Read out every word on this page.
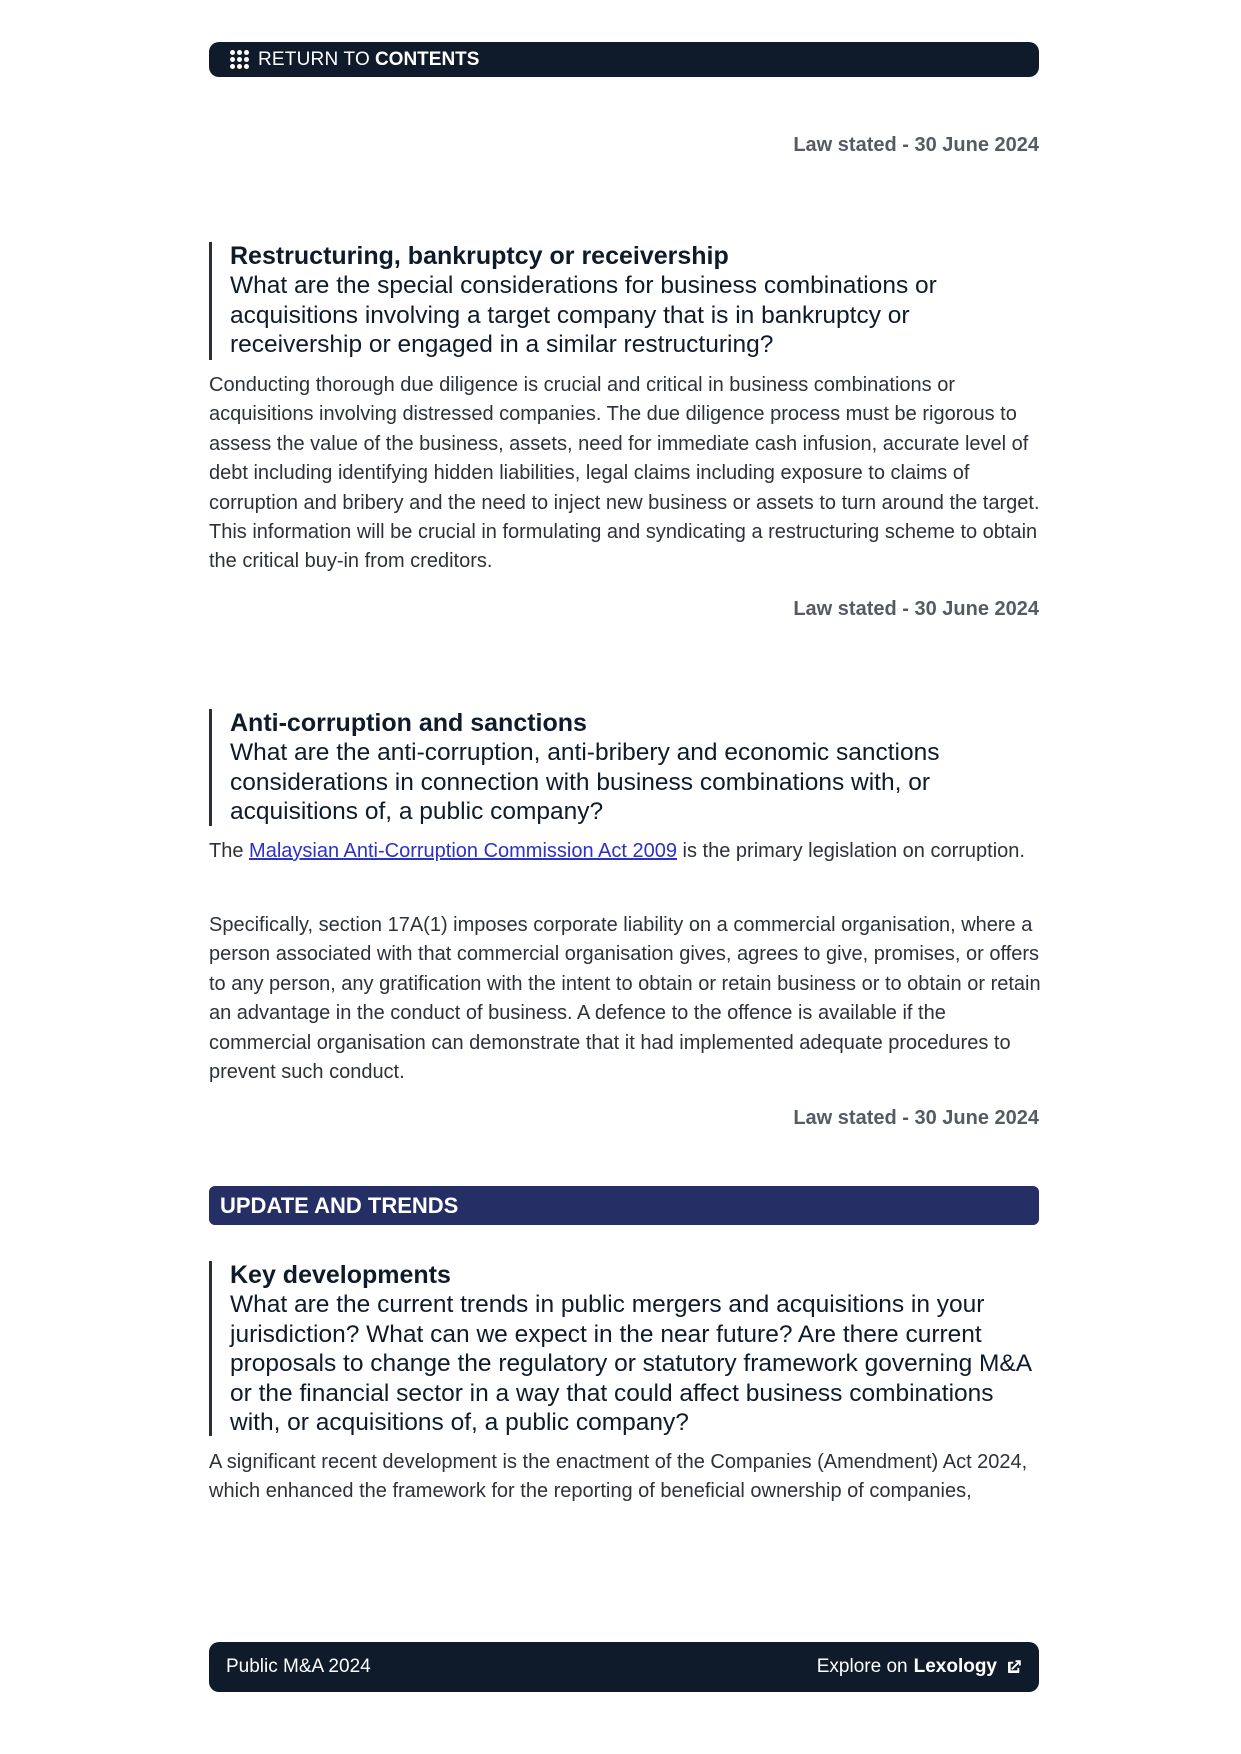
RETURN TO CONTENTS
Law stated - 30 June 2024
Restructuring, bankruptcy or receivership
What are the special considerations for business combinations or acquisitions involving a target company that is in bankruptcy or receivership or engaged in a similar restructuring?

Conducting thorough due diligence is crucial and critical in business combinations or acquisitions involving distressed companies. The due diligence process must be rigorous to assess the value of the business, assets, need for immediate cash infusion, accurate level of debt including identifying hidden liabilities, legal claims including exposure to claims of corruption and bribery and the need to inject new business or assets to turn around the target. This information will be crucial in formulating and syndicating a restructuring scheme to obtain the critical buy-in from creditors.

Law stated - 30 June 2024
Anti-corruption and sanctions
What are the anti-corruption, anti-bribery and economic sanctions considerations in connection with business combinations with, or acquisitions of, a public company?

The Malaysian Anti-Corruption Commission Act 2009 is the primary legislation on corruption.

Specifically, section 17A(1) imposes corporate liability on a commercial organisation, where a person associated with that commercial organisation gives, agrees to give, promises, or offers to any person, any gratification with the intent to obtain or retain business or to obtain or retain an advantage in the conduct of business. A defence to the offence is available if the commercial organisation can demonstrate that it had implemented adequate procedures to prevent such conduct.

Law stated - 30 June 2024
UPDATE AND TRENDS
Key developments
What are the current trends in public mergers and acquisitions in your jurisdiction? What can we expect in the near future? Are there current proposals to change the regulatory or statutory framework governing M&A or the financial sector in a way that could affect business combinations with, or acquisitions of, a public company?

A significant recent development is the enactment of the Companies (Amendment) Act 2024, which enhanced the framework for the reporting of beneficial ownership of companies,

Public M&A 2024	Explore on Lexology
